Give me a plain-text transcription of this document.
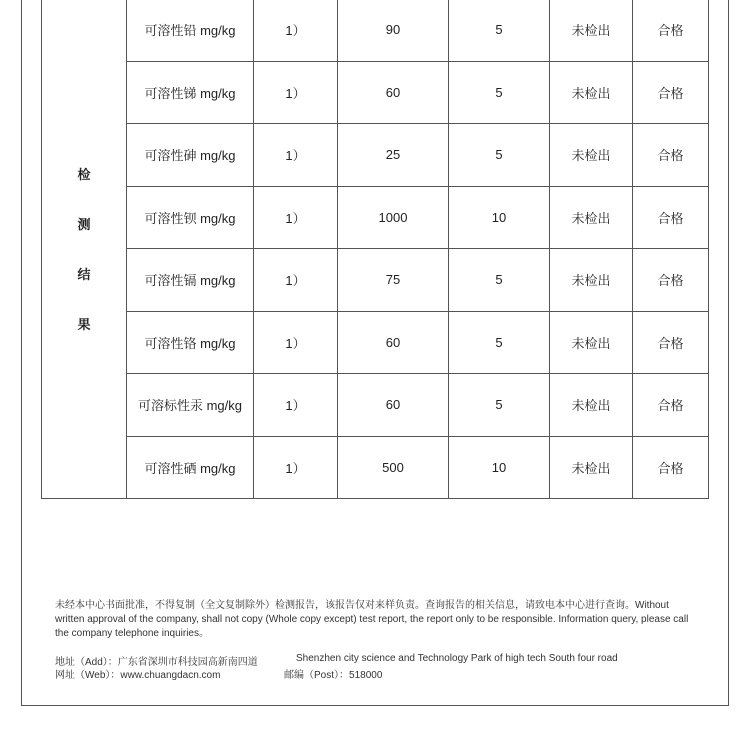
检
测
结
果	可溶性铅 mg/kg	1）	90	5	未检出	合格
	可溶性锑 mg/kg	1）	60	5	未检出	合格
	可溶性砷 mg/kg	1）	25	5	未检出	合格
	可溶性钡 mg/kg	1）	1000	10	未检出	合格
	可溶性镉 mg/kg	1）	75	5	未检出	合格
	可溶性铬 mg/kg	1）	60	5	未检出	合格
	可溶标性汞 mg/kg	1）	60	5	未检出	合格
	可溶性硒 mg/kg	1）	500	10	未检出	合格
未经本中心书面批准，不得复制（全文复制除外）检测报告，该报告仅对来样负责。查询报告的相关信息，请致电本中心进行查询。Without written approval of the company, shall not copy (Whole copy except) test report, the report only to be responsible. Information query, please call the company telephone inquiries。
地址（Add）：广东省深圳市科技园高新南四道	Shenzhen city science and Technology Park of high tech South four road
网址（Web）：www.chuangdacn.com	邮编（Post）：518000
